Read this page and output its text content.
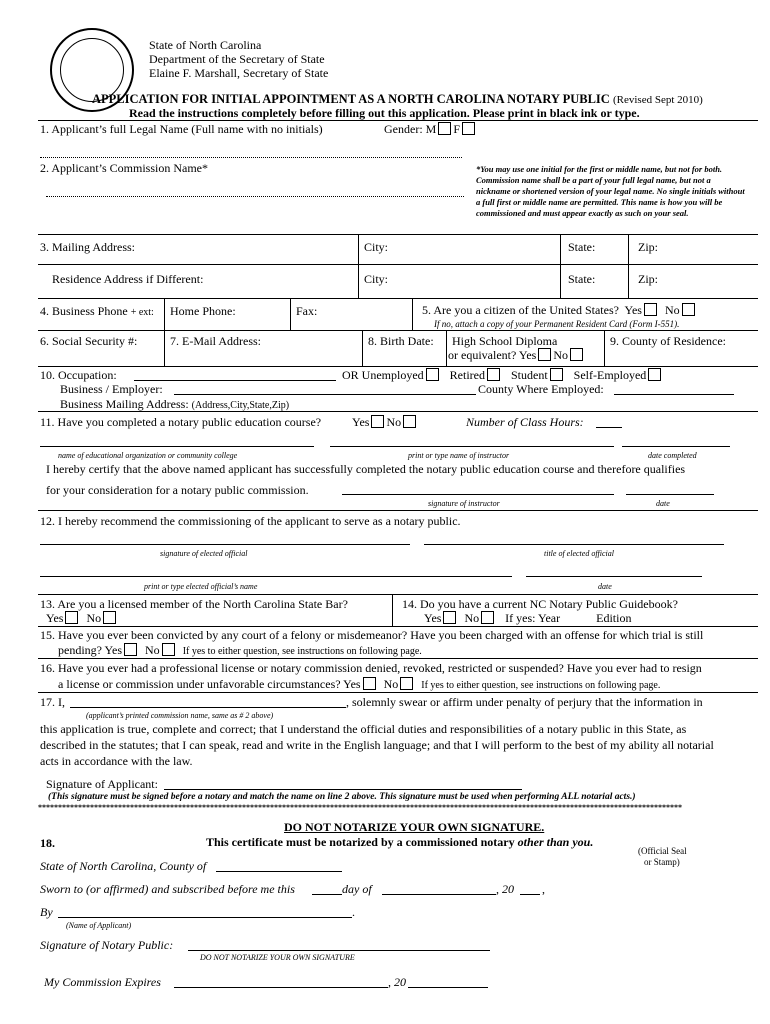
State of North Carolina
Department of the Secretary of State
Elaine F. Marshall, Secretary of State
APPLICATION FOR INITIAL APPOINTMENT AS A NORTH CAROLINA NOTARY PUBLIC (Revised Sept 2010)
Read the instructions completely before filling out this application. Please print in black ink or type.
1. Applicant’s full Legal Name (Full name with no initials)	Gender: M F
2. Applicant’s Commission Name*	*You may use one initial for the first or middle name, but not for both. Commission name shall be a part of your full legal name, but not a nickname or shortened version of your legal name. No single initials without a full first or middle name are permitted. This name is how you will be commissioned and must appear exactly as such on your seal.
3. Mailing Address:	City:	State:	Zip:
Residence Address if Different:	City:	State:	Zip:
4. Business Phone + ext: Home Phone:	Fax:	5. Are you a citizen of the United States? Yes No
If no, attach a copy of your Permanent Resident Card (Form I-551).
6. Social Security #:	7. E-Mail Address:	8. Birth Date: High School Diploma
or equivalent? Yes No
9. County of Residence:
10. Occupation:	OR Unemployed Retired Student Self-Employed
Business / Employer:	County Where Employed:
Business Mailing Address: (Address,City,State,Zip)
11. Have you completed a notary public education course?	Yes No	Number of Class Hours:
name of educational organization or community college	print or type name of instructor	date completed
I hereby certify that the above named applicant has successfully completed the notary public education course and therefore qualifies
for your consideration for a notary public commission.
signature of instructor	date
12. I hereby recommend the commissioning of the applicant to serve as a notary public.
signature of elected official	title of elected official
print or type elected official’s name	date
13. Are you a licensed member of the North Carolina State Bar?
Yes No
14. Do you have a current NC Notary Public Guidebook?
Yes No If yes: Year	Edition
15. Have you ever been convicted by any court of a felony or misdemeanor? Have you been charged with an offense for which trial is still
pending? Yes No If yes to either question, see instructions on following page.
16. Have you ever had a professional license or notary commission denied, revoked, restricted or suspended? Have you ever had to resign
a license or commission under unfavorable circumstances? Yes No If yes to either question, see instructions on following page.
17. I,	, solemnly swear or affirm under penalty of perjury that the information in
(applicant’s printed commission name, same as # 2 above)
this application is true, complete and correct; that I understand the official duties and responsibilities of a notary public in this State, as described in the statutes; that I can speak, read and write in the English language; and that I will perform to the best of my ability all notarial acts in accordance with the law.
Signature of Applicant:
(This signature must be signed before a notary and match the name on line 2 above. This signature must be used when performing ALL notarial acts.)
*****************************************************************************************************************************************************************
DO NOT NOTARIZE YOUR OWN SIGNATURE.
18.	This certificate must be notarized by a commissioned notary other than you.
(Official Seal
or Stamp)
State of North Carolina, County of
Sworn to (or affirmed) and subscribed before me this	day of	, 20 ,
By	.
(Name of Applicant)
Signature of Notary Public:
DO NOT NOTARIZE YOUR OWN SIGNATURE
My Commission Expires	, 20
